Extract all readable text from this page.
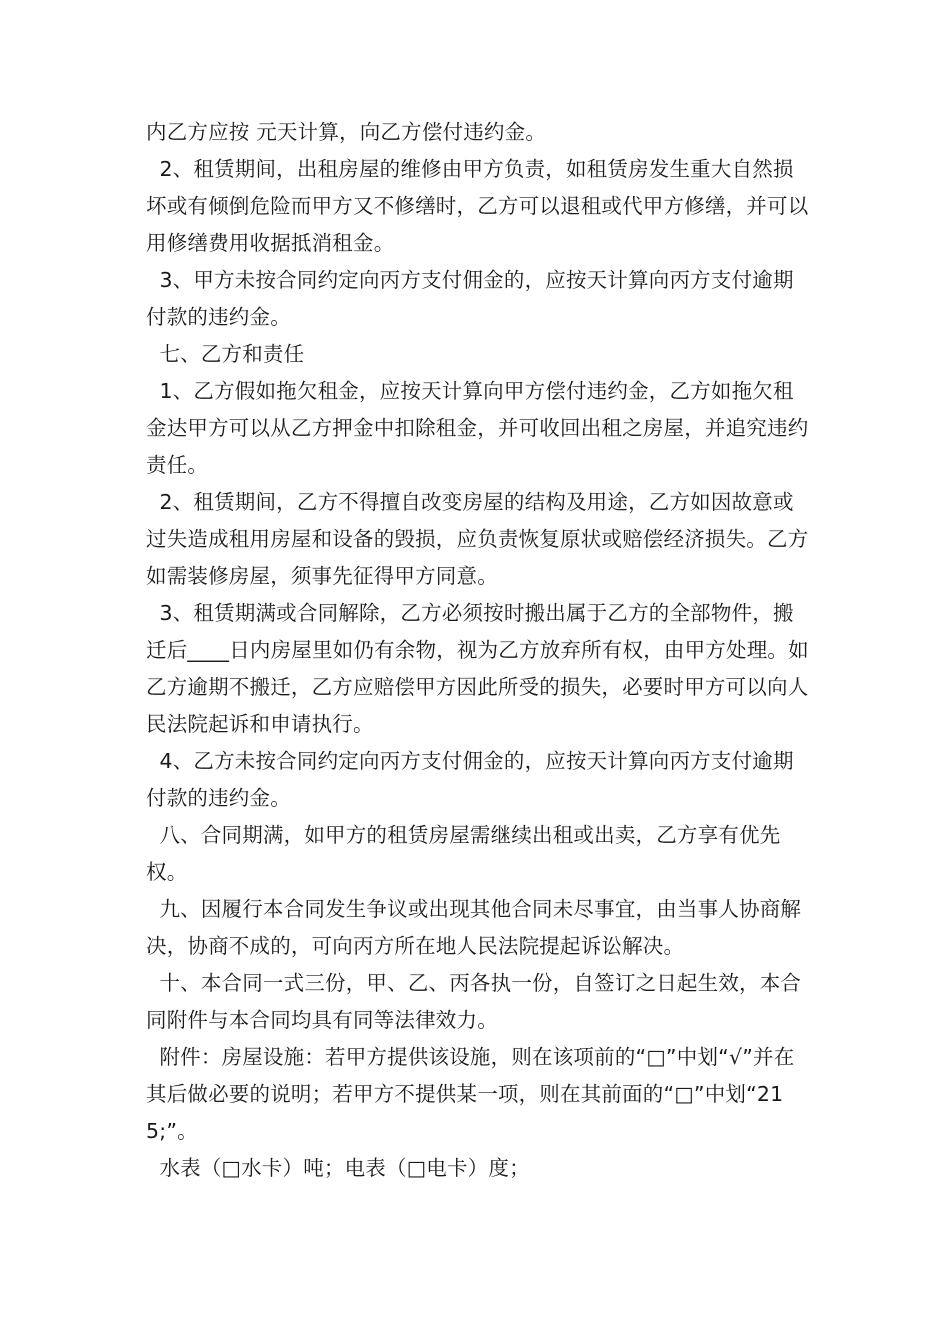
内乙方应按 元天计算，向乙方偿付违约金。

2、租赁期间，出租房屋的维修由甲方负责，如租赁房发生重大自然损坏或有倾倒危险而甲方又不修缮时，乙方可以退租或代甲方修缮，并可以用修缮费用收据抵消租金。

3、甲方未按合同约定向丙方支付佣金的，应按天计算向丙方支付逾期付款的违约金。

七、乙方和责任

1、乙方假如拖欠租金，应按天计算向甲方偿付违约金，乙方如拖欠租金达甲方可以从乙方押金中扣除租金，并可收回出租之房屋，并追究违约责任。

2、租赁期间，乙方不得擅自改变房屋的结构及用途，乙方如因故意或过失造成租用房屋和设备的毁损，应负责恢复原状或赔偿经济损失。乙方如需装修房屋，须事先征得甲方同意。

3、租赁期满或合同解除，乙方必须按时搬出属于乙方的全部物件，搬迁后____日内房屋里如仍有余物，视为乙方放弃所有权，由甲方处理。如乙方逾期不搬迁，乙方应赔偿甲方因此所受的损失，必要时甲方可以向人民法院起诉和申请执行。

4、乙方未按合同约定向丙方支付佣金的，应按天计算向丙方支付逾期付款的违约金。

八、合同期满，如甲方的租赁房屋需继续出租或出卖，乙方享有优先权。

九、因履行本合同发生争议或出现其他合同未尽事宜，由当事人协商解决，协商不成的，可向丙方所在地人民法院提起诉讼解决。

十、本合同一式三份，甲、乙、丙各执一份，自签订之日起生效，本合同附件与本合同均具有同等法律效力。

附件：房屋设施：若甲方提供该设施，则在该项前的“□”中划“√”并在其后做必要的说明；若甲方不提供某一项，则在其前面的“□”中划“215;”。

水表（□水卡）吨；电表（□电卡）度；
